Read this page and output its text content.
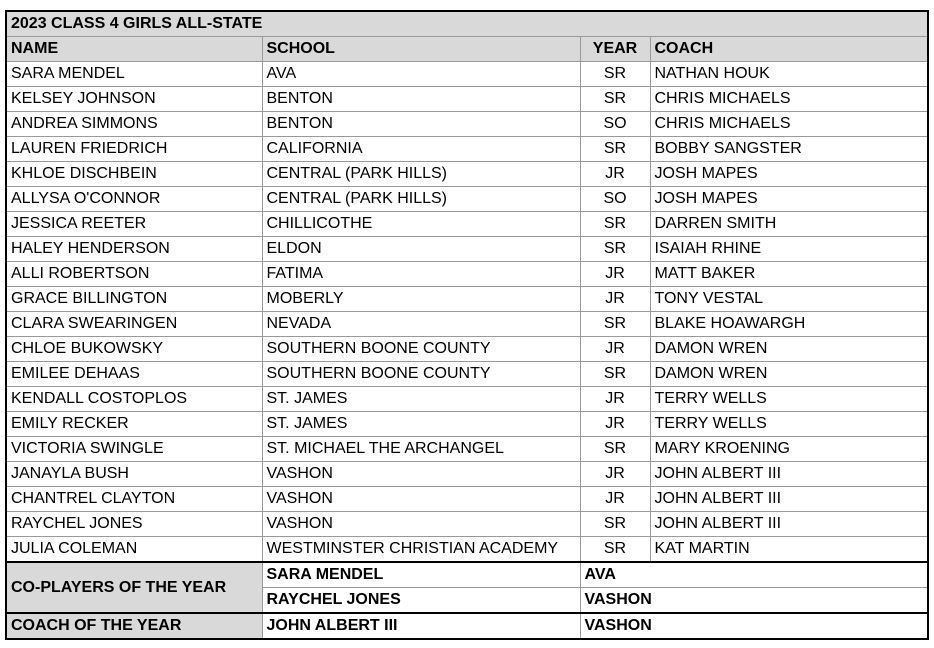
2023 CLASS 4 GIRLS ALL-STATE			
NAME	SCHOOL	YEAR	COACH
SARA MENDEL	AVA	SR	NATHAN HOUK
KELSEY JOHNSON	BENTON	SR	CHRIS MICHAELS
ANDREA SIMMONS	BENTON	SO	CHRIS MICHAELS
LAUREN FRIEDRICH	CALIFORNIA	SR	BOBBY SANGSTER
KHLOE DISCHBEIN	CENTRAL (PARK HILLS)	JR	JOSH MAPES
ALLYSA O'CONNOR	CENTRAL (PARK HILLS)	SO	JOSH MAPES
JESSICA REETER	CHILLICOTHE	SR	DARREN SMITH
HALEY HENDERSON	ELDON	SR	ISAIAH RHINE
ALLI ROBERTSON	FATIMA	JR	MATT BAKER
GRACE BILLINGTON	MOBERLY	JR	TONY VESTAL
CLARA SWEARINGEN	NEVADA	SR	BLAKE HOAWARGH
CHLOE BUKOWSKY	SOUTHERN BOONE COUNTY	JR	DAMON WREN
EMILEE DEHAAS	SOUTHERN BOONE COUNTY	SR	DAMON WREN
KENDALL COSTOPLOS	ST. JAMES	JR	TERRY WELLS
EMILY RECKER	ST. JAMES	JR	TERRY WELLS
VICTORIA SWINGLE	ST. MICHAEL THE ARCHANGEL	SR	MARY KROENING
JANAYLA BUSH	VASHON	JR	JOHN ALBERT III
CHANTREL CLAYTON	VASHON	JR	JOHN ALBERT III
RAYCHEL JONES	VASHON	SR	JOHN ALBERT III
JULIA COLEMAN	WESTMINSTER CHRISTIAN ACADEMY	SR	KAT MARTIN
CO-PLAYERS OF THE YEAR	SARA MENDEL	AVA	
	RAYCHEL JONES	VASHON	
COACH OF THE YEAR	JOHN ALBERT III	VASHON	
